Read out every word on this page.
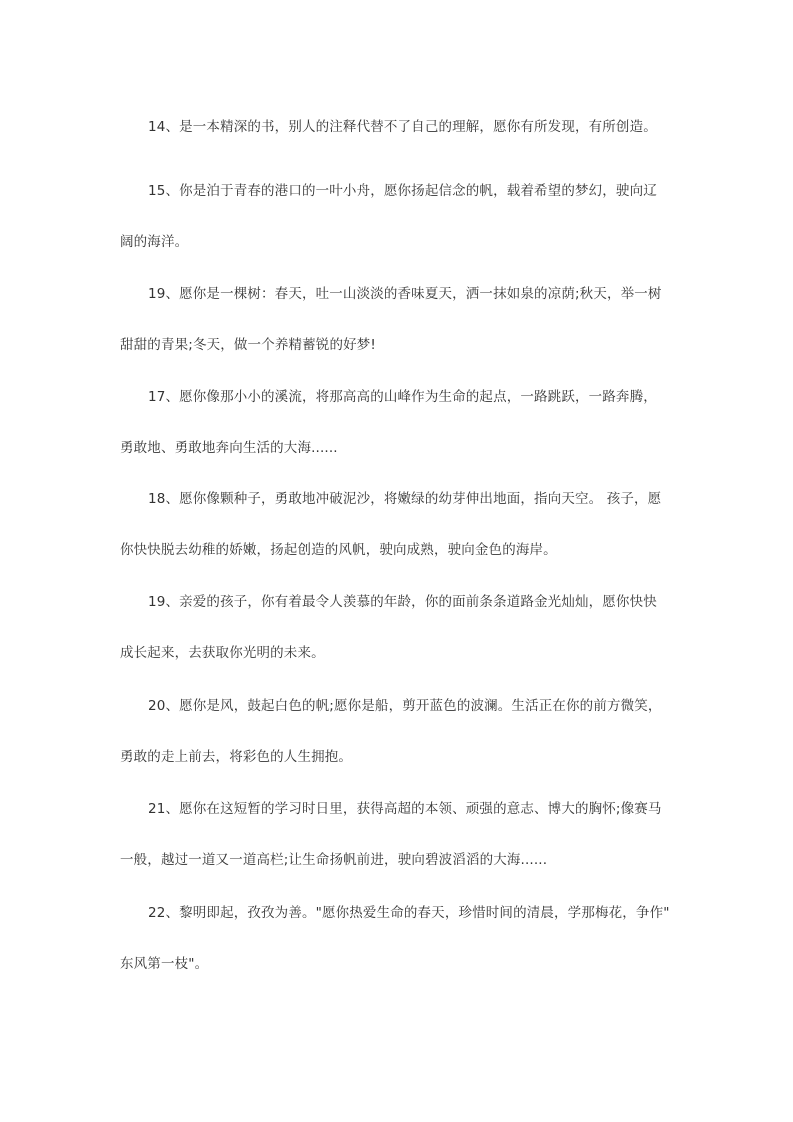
14、是一本精深的书，别人的注释代替不了自己的理解，愿你有所发现，有所创造。
15、你是泊于青春的港口的一叶小舟，愿你扬起信念的帆，载着希望的梦幻，驶向辽
阔的海洋。
19、愿你是一棵树：春天，吐一山淡淡的香味夏天，洒一抹如泉的凉荫;秋天，举一树
甜甜的青果;冬天，做一个养精蓄锐的好梦!
17、愿你像那小小的溪流，将那高高的山峰作为生命的起点，一路跳跃，一路奔腾，
勇敢地、勇敢地奔向生活的大海......
18、愿你像颗种子，勇敢地冲破泥沙，将嫩绿的幼芽伸出地面，指向天空。 孩子，愿
你快快脱去幼稚的娇嫩，扬起创造的风帆，驶向成熟，驶向金色的海岸。
19、亲爱的孩子，你有着最令人羡慕的年龄，你的面前条条道路金光灿灿，愿你快快
成长起来，去获取你光明的未来。
20、愿你是风，鼓起白色的帆;愿你是船，剪开蓝色的波澜。生活正在你的前方微笑，
勇敢的走上前去，将彩色的人生拥抱。
21、愿你在这短暂的学习时日里，获得高超的本领、顽强的意志、博大的胸怀;像赛马
一般，越过一道又一道高栏;让生命扬帆前进，驶向碧波滔滔的大海......
22、黎明即起，孜孜为善。"愿你热爱生命的春天，珍惜时间的清晨，学那梅花，争作"
东风第一枝"。
